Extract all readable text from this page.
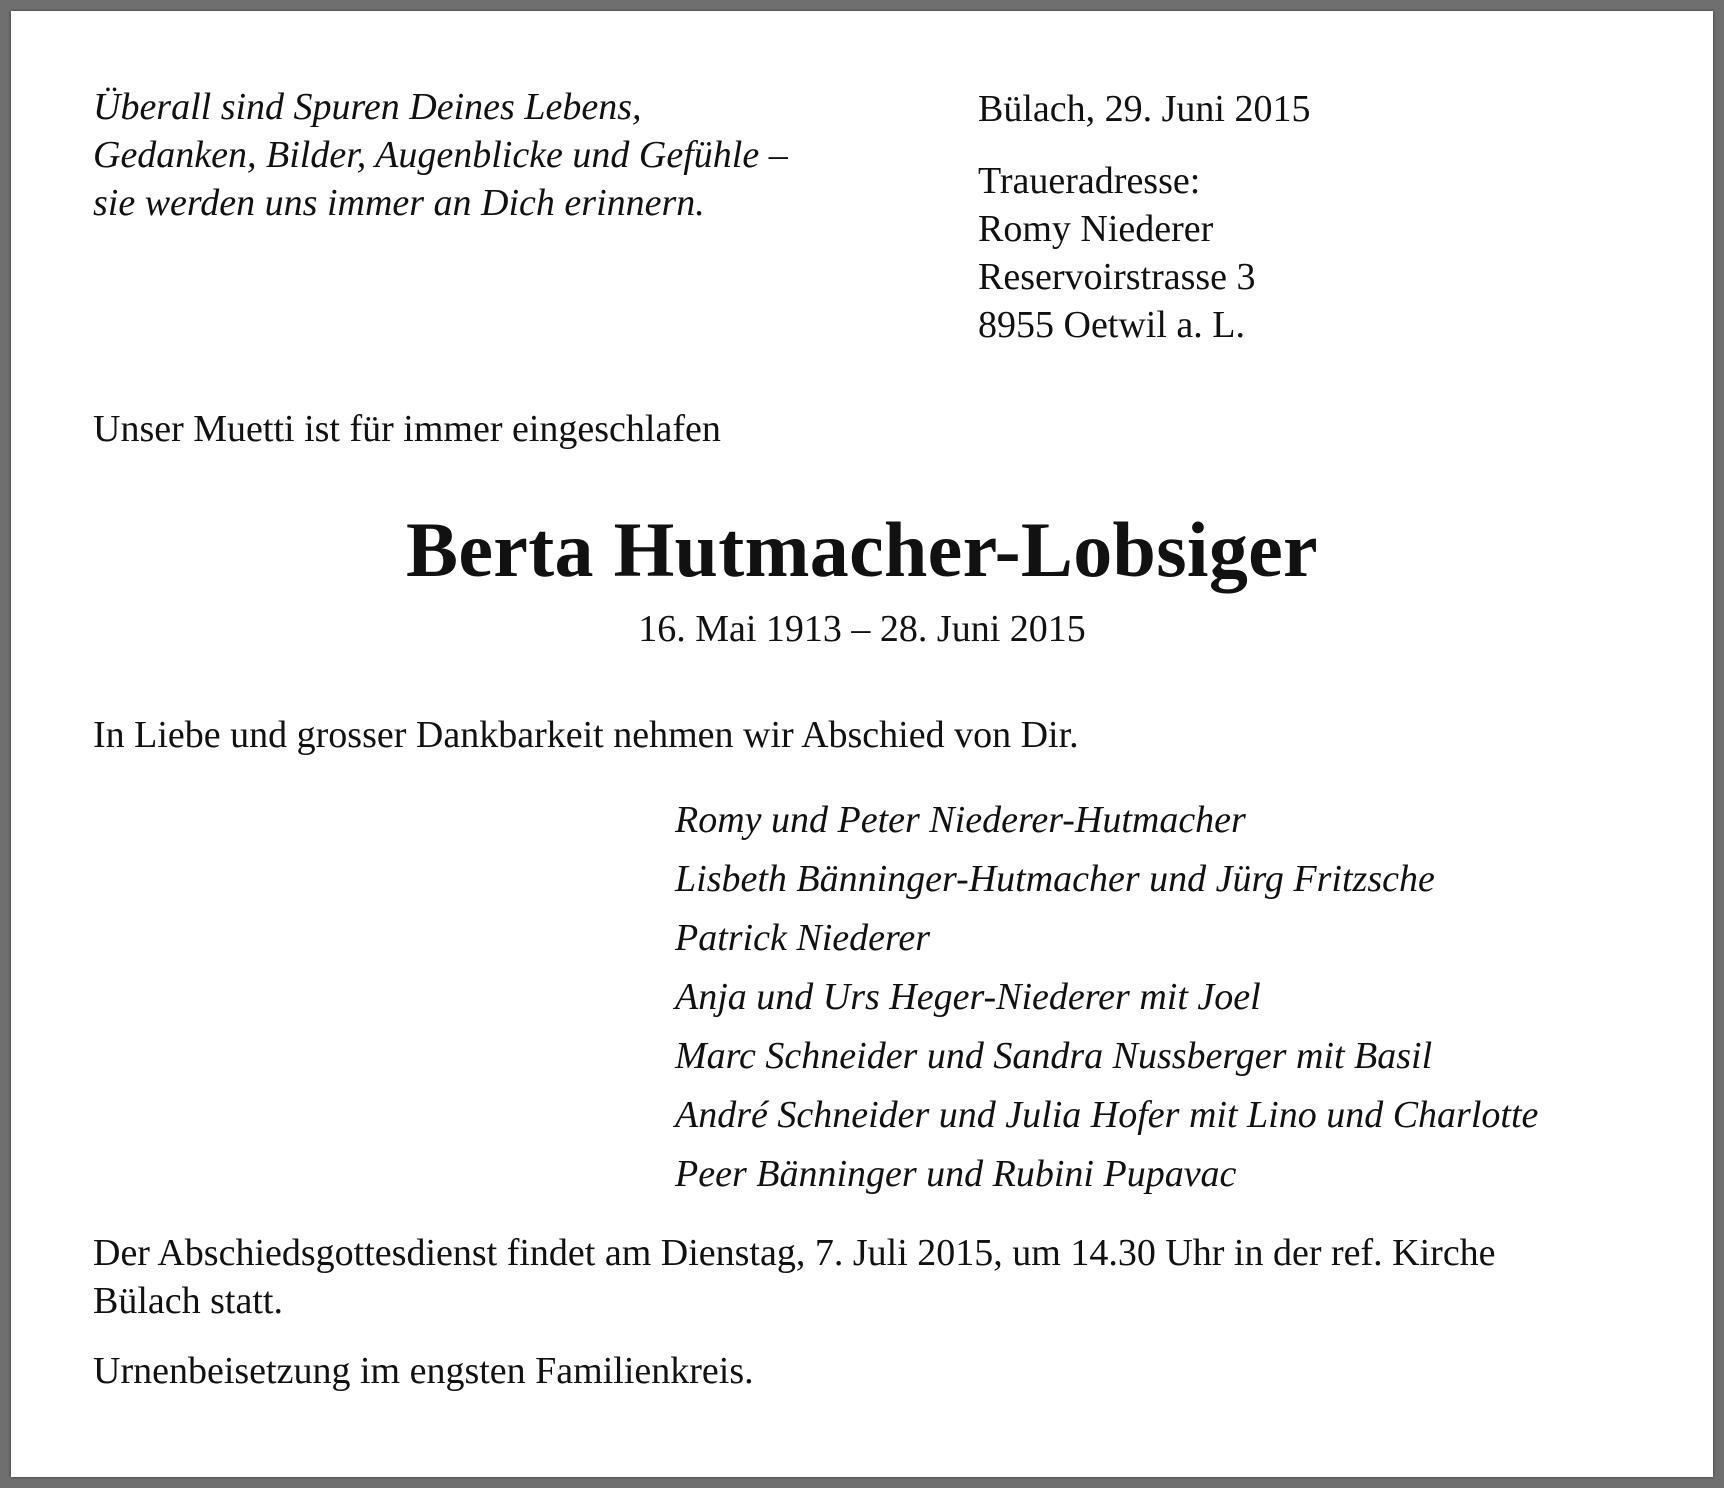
Überall sind Spuren Deines Lebens,
Gedanken, Bilder, Augenblicke und Gefühle –
sie werden uns immer an Dich erinnern.
Bülach, 29. Juni 2015
Traueradresse:
Romy Niederer
Reservoirstrasse 3
8955 Oetwil a. L.
Unser Muetti ist für immer eingeschlafen
Berta Hutmacher-Lobsiger
16. Mai 1913 – 28. Juni 2015
In Liebe und grosser Dankbarkeit nehmen wir Abschied von Dir.
Romy und Peter Niederer-Hutmacher
Lisbeth Bänninger-Hutmacher und Jürg Fritzsche
Patrick Niederer
Anja und Urs Heger-Niederer mit Joel
Marc Schneider und Sandra Nussberger mit Basil
André Schneider und Julia Hofer mit Lino und Charlotte
Peer Bänninger und Rubini Pupavac
Der Abschiedsgottesdienst findet am Dienstag, 7. Juli 2015, um 14.30 Uhr in der ref. Kirche
Bülach statt.
Urnenbeisetzung im engsten Familienkreis.
